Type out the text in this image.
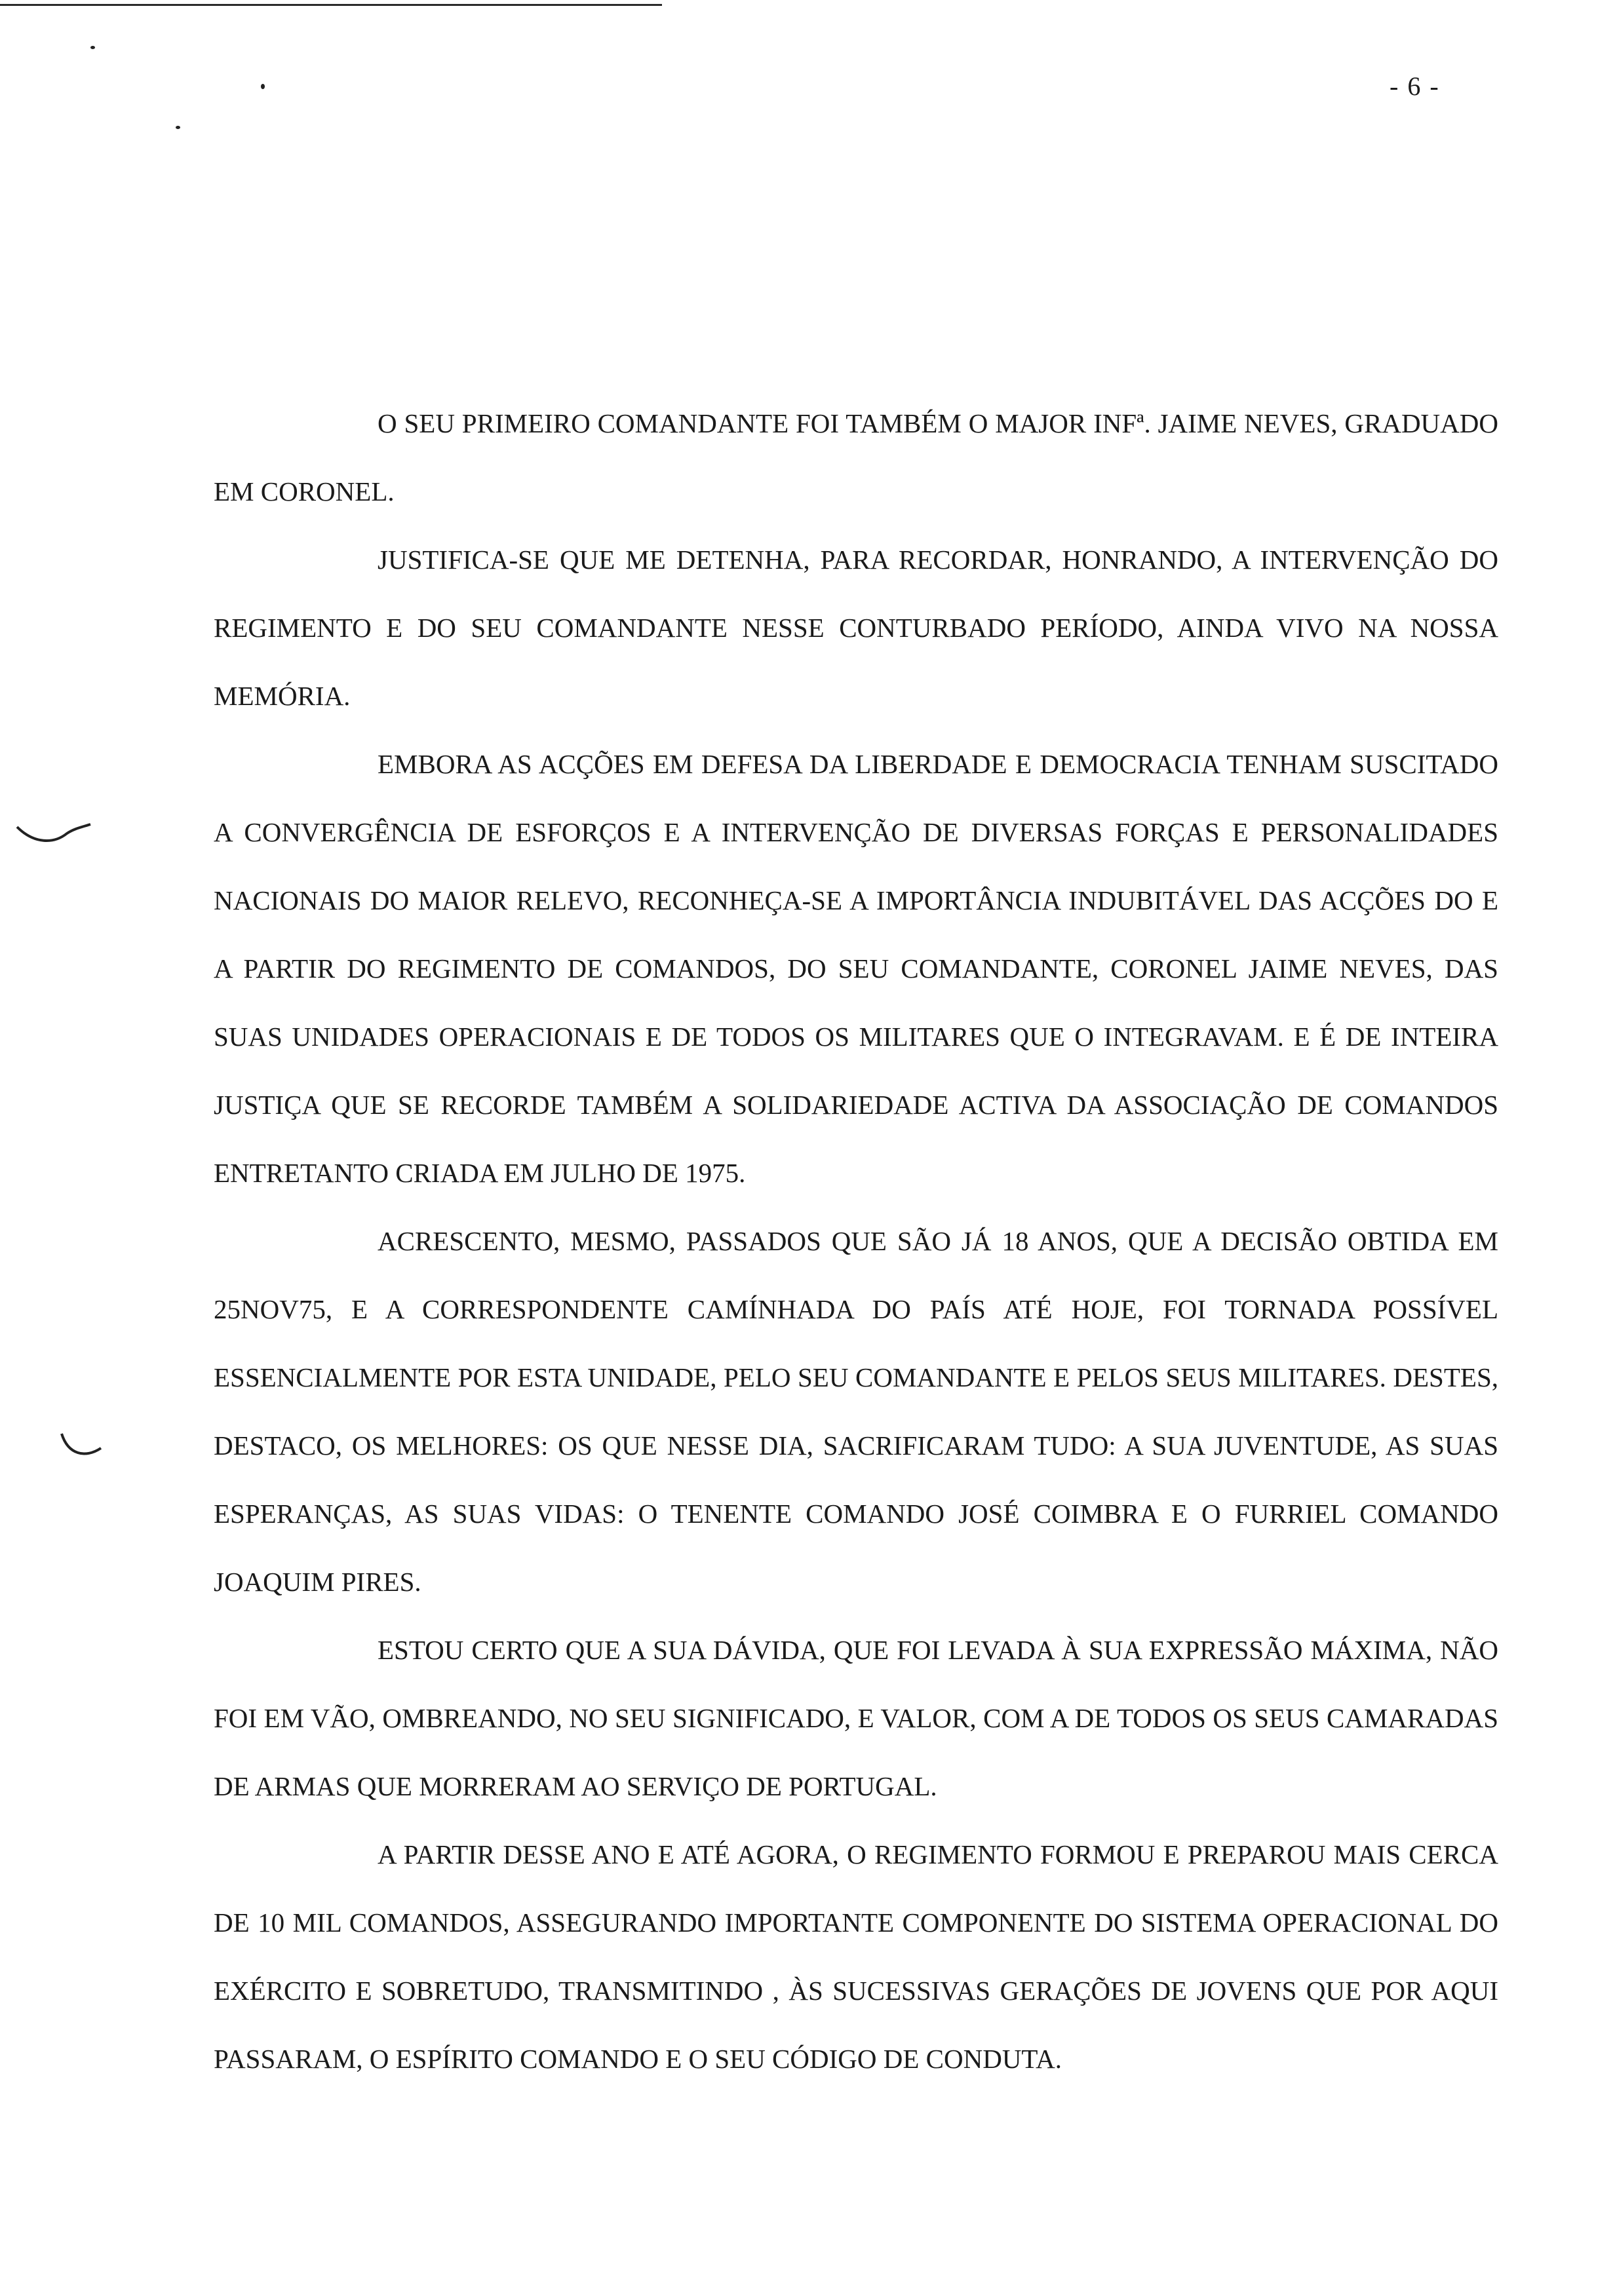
- 6 -

O SEU PRIMEIRO COMANDANTE FOI TAMBÉM O MAJOR INFª. JAIME NEVES, GRADUADO EM CORONEL.

JUSTIFICA-SE QUE ME DETENHA, PARA RECORDAR, HONRANDO, A INTERVENÇÃO DO REGIMENTO E DO SEU COMANDANTE NESSE CONTURBADO PERÍODO, AINDA VIVO NA NOSSA MEMÓRIA.

EMBORA AS ACÇÕES EM DEFESA DA LIBERDADE E DEMOCRACIA TENHAM SUSCITADO A CONVERGÊNCIA DE ESFORÇOS E A INTERVENÇÃO DE DIVERSAS FORÇAS E PERSONALIDADES NACIONAIS DO MAIOR RELEVO, RECONHEÇA-SE A IMPORTÂNCIA INDUBITÁVEL DAS ACÇÕES DO E A PARTIR DO REGIMENTO DE COMANDOS, DO SEU COMANDANTE, CORONEL JAIME NEVES, DAS SUAS UNIDADES OPERACIONAIS E DE TODOS OS MILITARES QUE O INTEGRAVAM. E É DE INTEIRA JUSTIÇA QUE SE RECORDE TAMBÉM A SOLIDARIEDADE ACTIVA DA ASSOCIAÇÃO DE COMANDOS ENTRETANTO CRIADA EM JULHO DE 1975.

ACRESCENTO, MESMO, PASSADOS QUE SÃO JÁ 18 ANOS, QUE A DECISÃO OBTIDA EM 25NOV75, E A CORRESPONDENTE CAMÍNHADA DO PAÍS ATÉ HOJE, FOI TORNADA POSSÍVEL ESSENCIALMENTE POR ESTA UNIDADE, PELO SEU COMANDANTE E PELOS SEUS MILITARES. DESTES, DESTACO, OS MELHORES: OS QUE NESSE DIA, SACRIFICARAM TUDO: A SUA JUVENTUDE, AS SUAS ESPERANÇAS, AS SUAS VIDAS: O TENENTE COMANDO JOSÉ COIMBRA E O FURRIEL COMANDO JOAQUIM PIRES.

ESTOU CERTO QUE A SUA DÁVIDA, QUE FOI LEVADA À SUA EXPRESSÃO MÁXIMA, NÃO FOI EM VÃO, OMBREANDO, NO SEU SIGNIFICADO, E VALOR, COM A DE TODOS OS SEUS CAMARADAS DE ARMAS QUE MORRERAM AO SERVIÇO DE PORTUGAL.

A PARTIR DESSE ANO E ATÉ AGORA, O REGIMENTO FORMOU E PREPAROU MAIS CERCA DE 10 MIL COMANDOS, ASSEGURANDO IMPORTANTE COMPONENTE DO SISTEMA OPERACIONAL DO EXÉRCITO E SOBRETUDO, TRANSMITINDO , ÀS SUCESSIVAS GERAÇÕES DE JOVENS QUE POR AQUI PASSARAM, O ESPÍRITO COMANDO E O SEU CÓDIGO DE CONDUTA.
